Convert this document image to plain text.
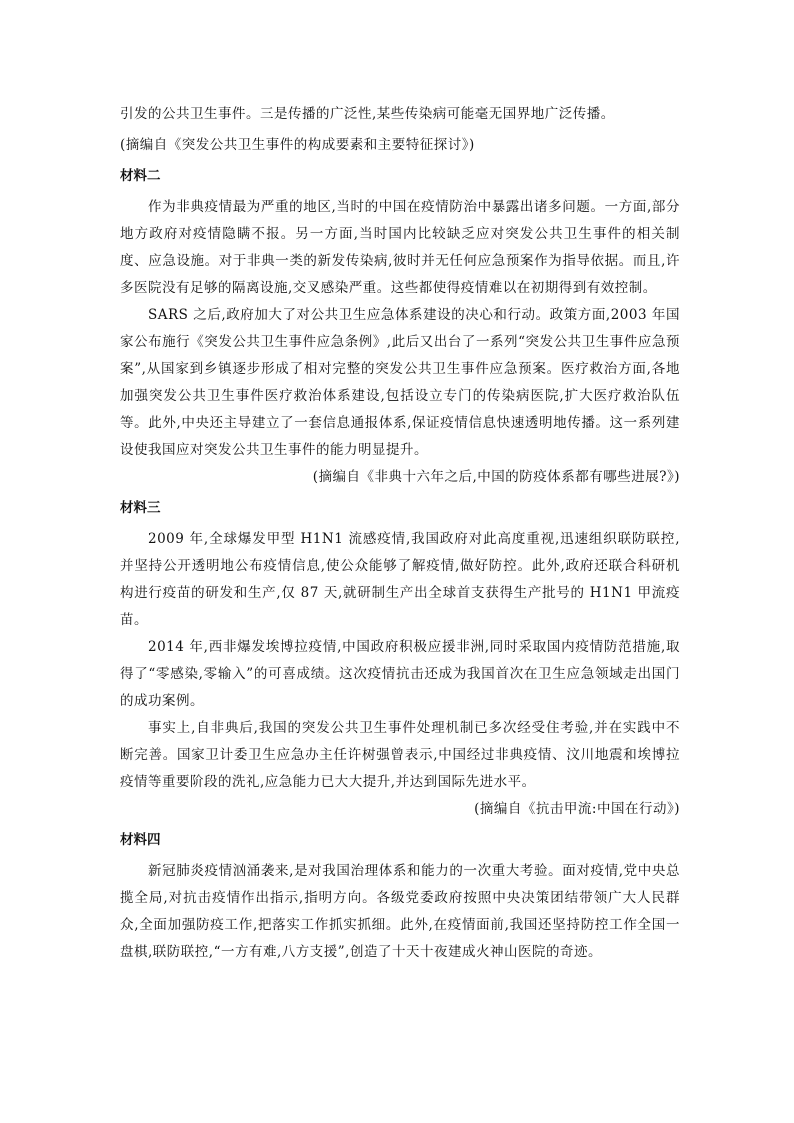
引发的公共卫生事件。三是传播的广泛性,某些传染病可能毫无国界地广泛传播。

(摘编自《突发公共卫生事件的构成要素和主要特征探讨》)

材料二

作为非典疫情最为严重的地区,当时的中国在疫情防治中暴露出诸多问题。一方面,部分地方政府对疫情隐瞒不报。另一方面,当时国内比较缺乏应对突发公共卫生事件的相关制度、应急设施。对于非典一类的新发传染病,彼时并无任何应急预案作为指导依据。而且,许多医院没有足够的隔离设施,交叉感染严重。这些都使得疫情难以在初期得到有效控制。

SARS 之后,政府加大了对公共卫生应急体系建设的决心和行动。政策方面,2003 年国家公布施行《突发公共卫生事件应急条例》,此后又出台了一系列“突发公共卫生事件应急预案”,从国家到乡镇逐步形成了相对完整的突发公共卫生事件应急预案。医疗救治方面,各地加强突发公共卫生事件医疗救治体系建设,包括设立专门的传染病医院,扩大医疗救治队伍等。此外,中央还主导建立了一套信息通报体系,保证疫情信息快速透明地传播。这一系列建设使我国应对突发公共卫生事件的能力明显提升。

(摘编自《非典十六年之后,中国的防疫体系都有哪些进展?》)

材料三

2009 年,全球爆发甲型 H1N1 流感疫情,我国政府对此高度重视,迅速组织联防联控,并坚持公开透明地公布疫情信息,使公众能够了解疫情,做好防控。此外,政府还联合科研机构进行疫苗的研发和生产,仅 87 天,就研制生产出全球首支获得生产批号的 H1N1 甲流疫苗。

2014 年,西非爆发埃博拉疫情,中国政府积极应援非洲,同时采取国内疫情防范措施,取得了“零感染,零输入”的可喜成绩。这次疫情抗击还成为我国首次在卫生应急领域走出国门的成功案例。

事实上,自非典后,我国的突发公共卫生事件处理机制已多次经受住考验,并在实践中不断完善。国家卫计委卫生应急办主任许树强曾表示,中国经过非典疫情、汶川地震和埃博拉疫情等重要阶段的洗礼,应急能力已大大提升,并达到国际先进水平。

(摘编自《抗击甲流:中国在行动》)

材料四

新冠肺炎疫情汹涌袭来,是对我国治理体系和能力的一次重大考验。面对疫情,党中央总揽全局,对抗击疫情作出指示,指明方向。各级党委政府按照中央决策团结带领广大人民群众,全面加强防疫工作,把落实工作抓实抓细。此外,在疫情面前,我国还坚持防控工作全国一盘棋,联防联控,“一方有难,八方支援”,创造了十天十夜建成火神山医院的奇迹。
